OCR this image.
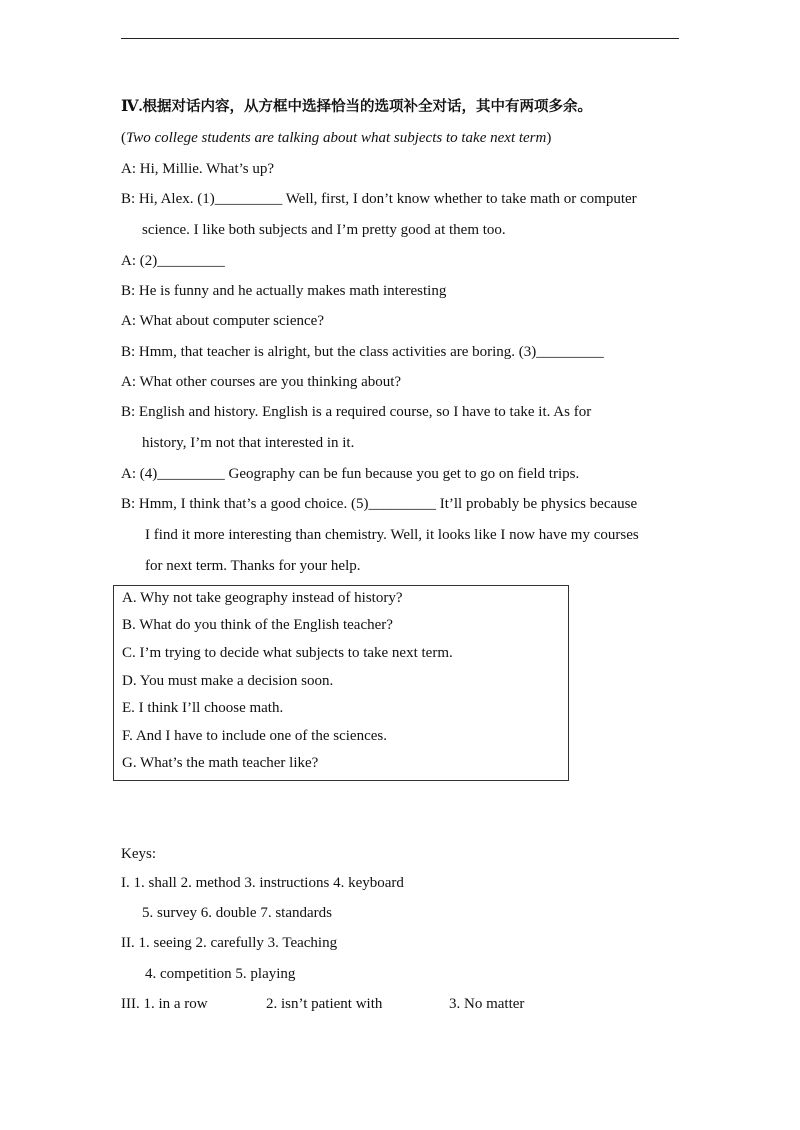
Ⅳ.根据对话内容，从方框中选择恰当的选项补全对话，其中有两项多余。
(Two college students are talking about what subjects to take next term)
A: Hi, Millie. What’s up?
B: Hi, Alex. (1)_________ Well, first, I don’t know whether to take math or computer
science. I like both subjects and I’m pretty good at them too.
A: (2)_________
B: He is funny and he actually makes math interesting
A: What about computer science?
B: Hmm, that teacher is alright, but the class activities are boring. (3)_________
A: What other courses are you thinking about?
B: English and history. English is a required course, so I have to take it. As for
history, I’m not that interested in it.
A: (4)_________ Geography can be fun because you get to go on field trips.
B: Hmm, I think that’s a good choice. (5)_________ It’ll probably be physics because
I find it more interesting than chemistry. Well, it looks like I now have my courses
for next term. Thanks for your help.
A. Why not take geography instead of history?
B. What do you think of the English teacher?
C. I’m trying to decide what subjects to take next term.
D. You must make a decision soon.
E. I think I’ll choose math.
F. And I have to include one of the sciences.
G. What’s the math teacher like?
Keys:
I. 1. shall 2. method 3. instructions 4. keyboard
5. survey 6. double 7. standards
II. 1. seeing 2. carefully 3. Teaching
4. competition 5. playing
III. 1. in a row	2. isn’t patient with	3. No matter
